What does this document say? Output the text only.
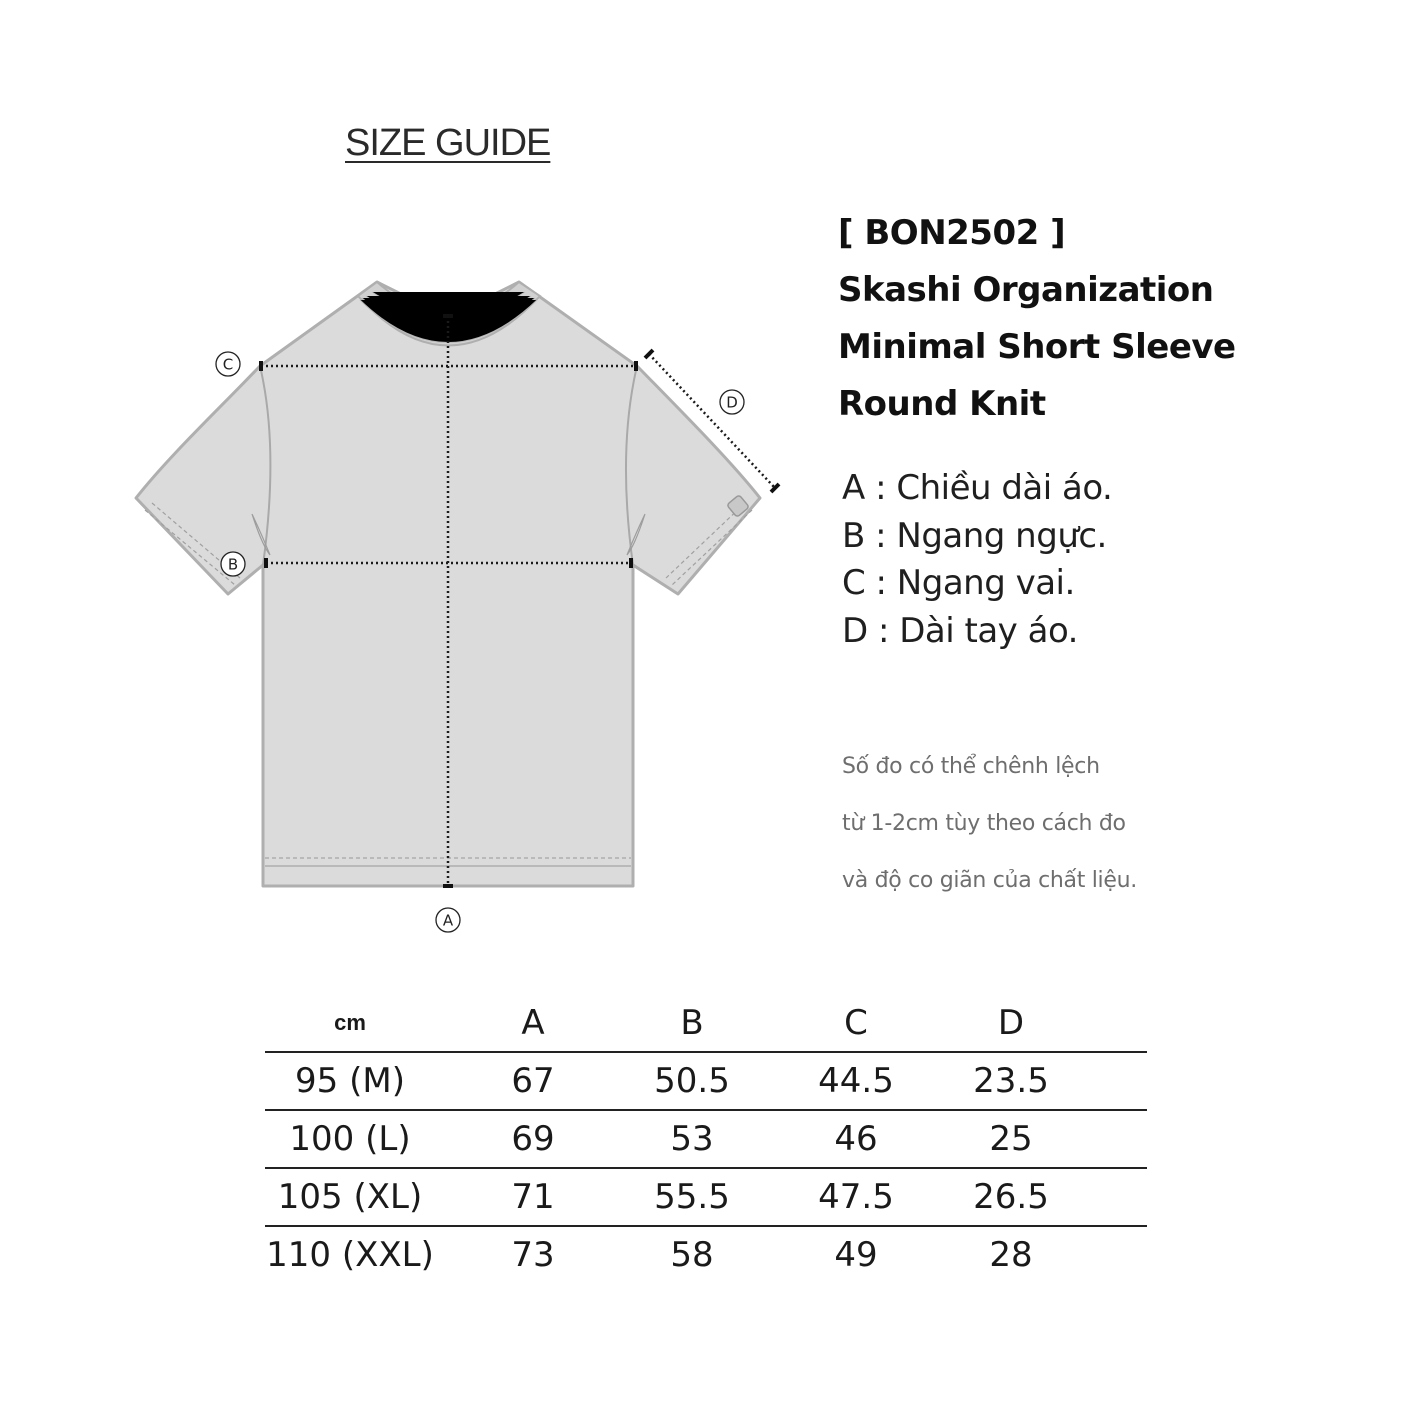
SIZE GUIDE
A
B
C
D
[ BON2502 ]
Skashi Organization
Minimal Short Sleeve
Round Knit
A : Chiều dài áo.
B : Ngang ngực.
C : Ngang vai.
D : Dài tay áo.
Số đo có thể chênh lệch
từ 1-2cm tùy theo cách đo
và độ co giãn của chất liệu.
cm	A	B	C	D	
95 (M)	67	50.5	44.5	23.5	
100 (L)	69	53	46	25	
105 (XL)	71	55.5	47.5	26.5	
110 (XXL)	73	58	49	28	
